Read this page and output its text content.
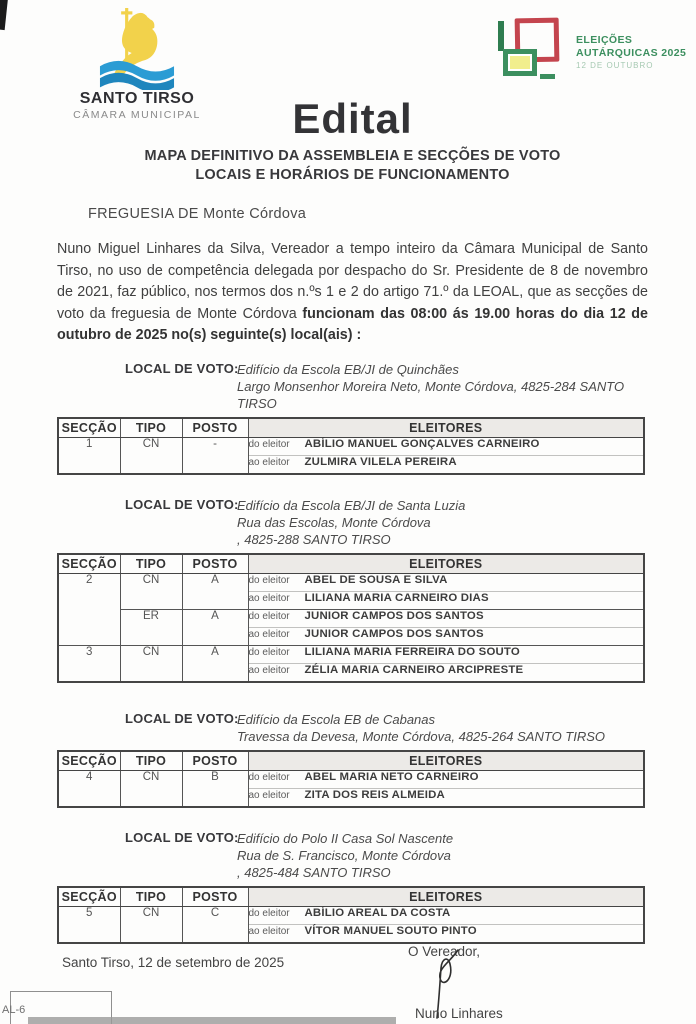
SANTO TIRSO
CÂMARA MUNICIPAL
ELEIÇÕES
AUTÁRQUICAS 2025
12 DE OUTUBRO
Edital
MAPA DEFINITIVO DA ASSEMBLEIA E SECÇÕES DE VOTO
LOCAIS E HORÁRIOS DE FUNCIONAMENTO
FREGUESIA DE Monte Córdova

Nuno Miguel Linhares da Silva, Vereador a tempo inteiro da Câmara Municipal de Santo Tirso, no uso de competência delegada por despacho do Sr. Presidente de 8 de novembro de 2021, faz público, nos termos dos n.ºs 1 e 2 do artigo 71.º da LEOAL, que as secções de voto da freguesia de Monte Córdova funcionam das 08:00 ás 19.00 horas do dia 12 de outubro de 2025 no(s) seguinte(s) local(ais) :

LOCAL DE VOTO:
Edifício da Escola EB/JI de Quinchães
Largo Monsenhor Moreira Neto, Monte Córdova, 4825-284 SANTO
TIRSO
SECÇÃO	TIPO	POSTO	ELEITORES
1	CN	-	do eleitor ABÍLIO MANUEL GONÇALVES CARNEIRO
			ao eleitor ZULMIRA VILELA PEREIRA
LOCAL DE VOTO:
Edifício da Escola EB/JI de Santa Luzia
Rua das Escolas, Monte Córdova
, 4825-288 SANTO TIRSO
SECÇÃO	TIPO	POSTO	ELEITORES
2	CN	A	do eleitor ABEL DE SOUSA E SILVA
			ao eleitor LILIANA MARIA CARNEIRO DIAS
	ER	A	do eleitor JUNIOR CAMPOS DOS SANTOS
			ao eleitor JUNIOR CAMPOS DOS SANTOS
3	CN	A	do eleitor LILIANA MARIA FERREIRA DO SOUTO
			ao eleitor ZÉLIA MARIA CARNEIRO ARCIPRESTE
LOCAL DE VOTO:
Edifício da Escola EB de Cabanas
Travessa da Devesa, Monte Córdova, 4825-264 SANTO TIRSO
SECÇÃO	TIPO	POSTO	ELEITORES
4	CN	B	do eleitor ABEL MARIA NETO CARNEIRO
			ao eleitor ZITA DOS REIS ALMEIDA
LOCAL DE VOTO:
Edifício do Polo II Casa Sol Nascente
Rua de S. Francisco, Monte Córdova
, 4825-484 SANTO TIRSO
SECÇÃO	TIPO	POSTO	ELEITORES
5	CN	C	do eleitor ABÍLIO AREAL DA COSTA
			ao eleitor VÍTOR MANUEL SOUTO PINTO
Santo Tirso, 12 de setembro de 2025
O Vereador,
Nuno Linhares
AL-6
